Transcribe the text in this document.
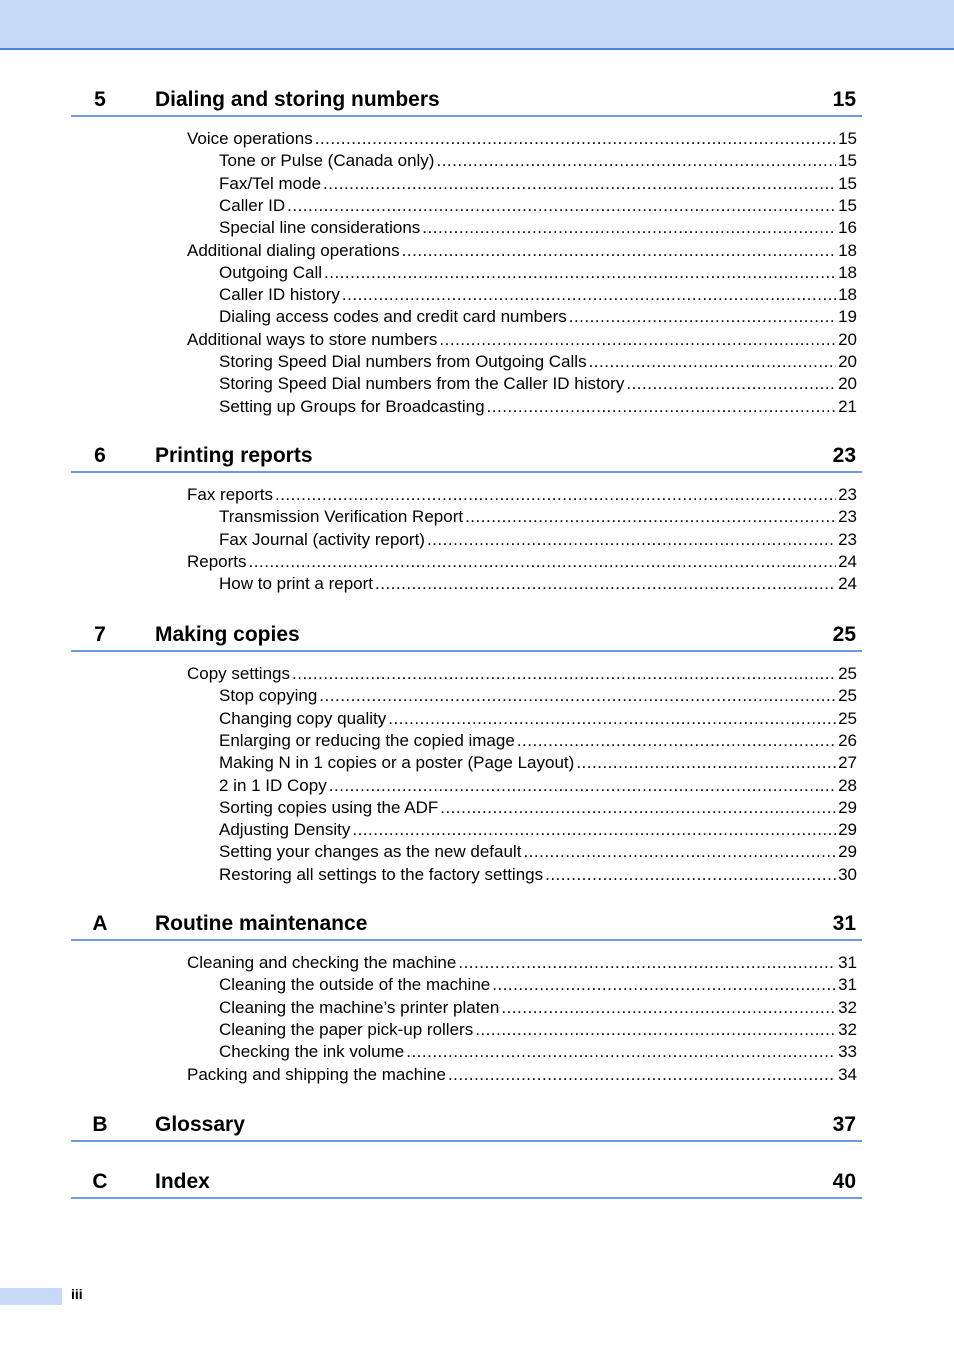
5	Dialing and storing numbers	15
Voice operations .....	15
Tone or Pulse (Canada only) .....	15
Fax/Tel mode .....	15
Caller ID .....	15
Special line considerations .....	16
Additional dialing operations .....	18
Outgoing Call .....	18
Caller ID history .....	18
Dialing access codes and credit card numbers .....	19
Additional ways to store numbers .....	20
Storing Speed Dial numbers from Outgoing Calls .....	20
Storing Speed Dial numbers from the Caller ID history .....	20
Setting up Groups for Broadcasting .....	21
6	Printing reports	23
Fax reports .....	23
Transmission Verification Report .....	23
Fax Journal (activity report) .....	23
Reports .....	24
How to print a report .....	24
7	Making copies	25
Copy settings .....	25
Stop copying .....	25
Changing copy quality .....	25
Enlarging or reducing the copied image .....	26
Making N in 1 copies or a poster (Page Layout) .....	27
2 in 1 ID Copy .....	28
Sorting copies using the ADF .....	29
Adjusting Density .....	29
Setting your changes as the new default .....	29
Restoring all settings to the factory settings .....	30
A	Routine maintenance	31
Cleaning and checking the machine .....	31
Cleaning the outside of the machine .....	31
Cleaning the machine’s printer platen .....	32
Cleaning the paper pick-up rollers .....	32
Checking the ink volume .....	33
Packing and shipping the machine .....	34
B	Glossary	37
C	Index	40
iii
